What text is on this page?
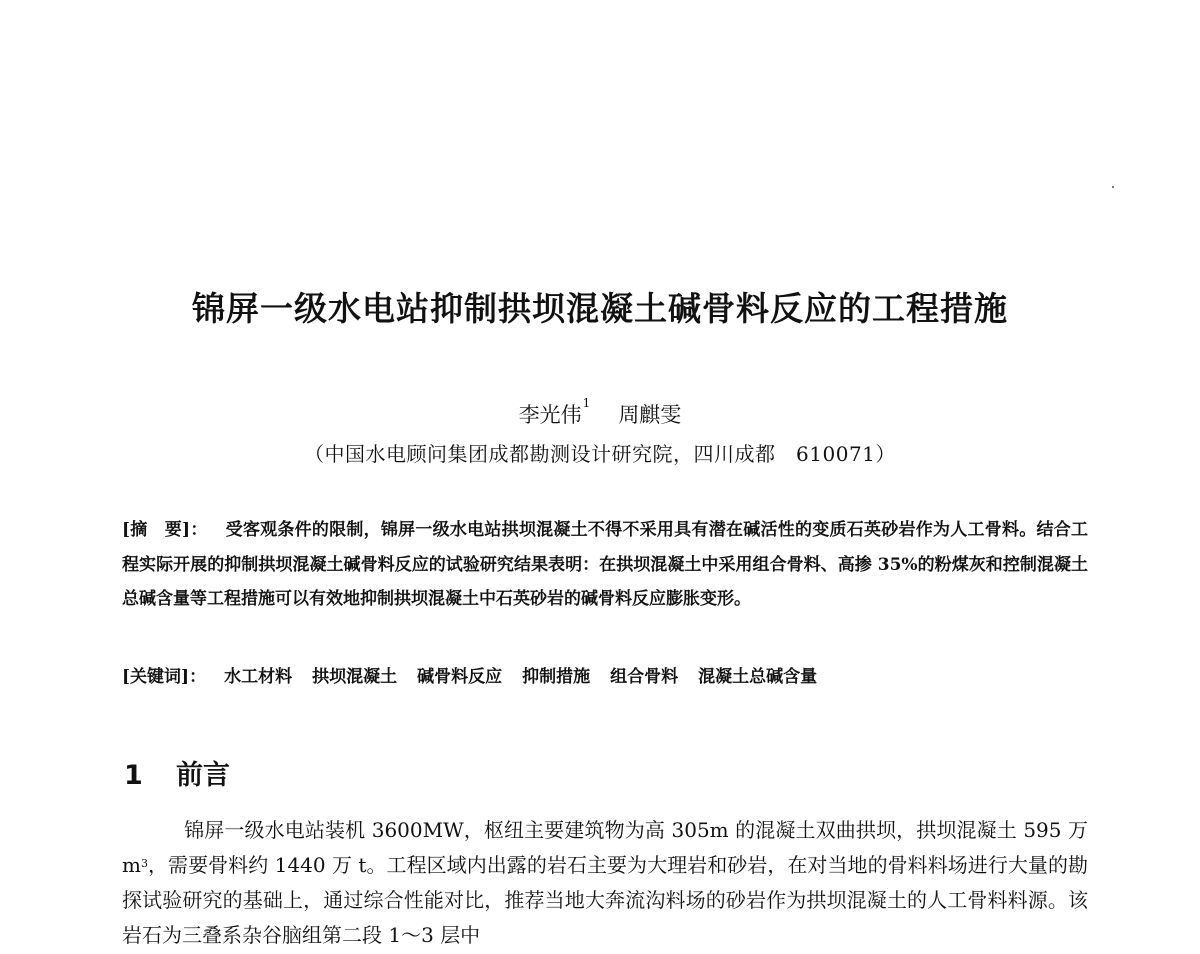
锦屏一级水电站抑制拱坝混凝土碱骨料反应的工程措施
李光伟$^1$ 周麒雯
（中国水电顾问集团成都勘测设计研究院，四川成都　610071）
[摘　要]： 受客观条件的限制，锦屏一级水电站拱坝混凝土不得不采用具有潜在碱活性的变质石英砂岩作为人工骨料。结合工程实际开展的抑制拱坝混凝土碱骨料反应的试验研究结果表明：在拱坝混凝土中采用组合骨料、高掺 35%的粉煤灰和控制混凝土总碱含量等工程措施可以有效地抑制拱坝混凝土中石英砂岩的碱骨料反应膨胀变形。
[关键词]： 水工材料 拱坝混凝土 碱骨料反应 抑制措施 组合骨料 混凝土总碱含量
1 前言
锦屏一级水电站装机 3600MW，枢纽主要建筑物为高 305m 的混凝土双曲拱坝，拱坝混凝土 595 万 $m^3$，需要骨料约 1440 万 t。工程区域内出露的岩石主要为大理岩和砂岩，在对当地的骨料料场进行大量的勘探试验研究的基础上，通过综合性能对比，推荐当地大奔流沟料场的砂岩作为拱坝混凝土的人工骨料料源。该岩石为三叠系杂谷脑组第二段 1～3 层中
